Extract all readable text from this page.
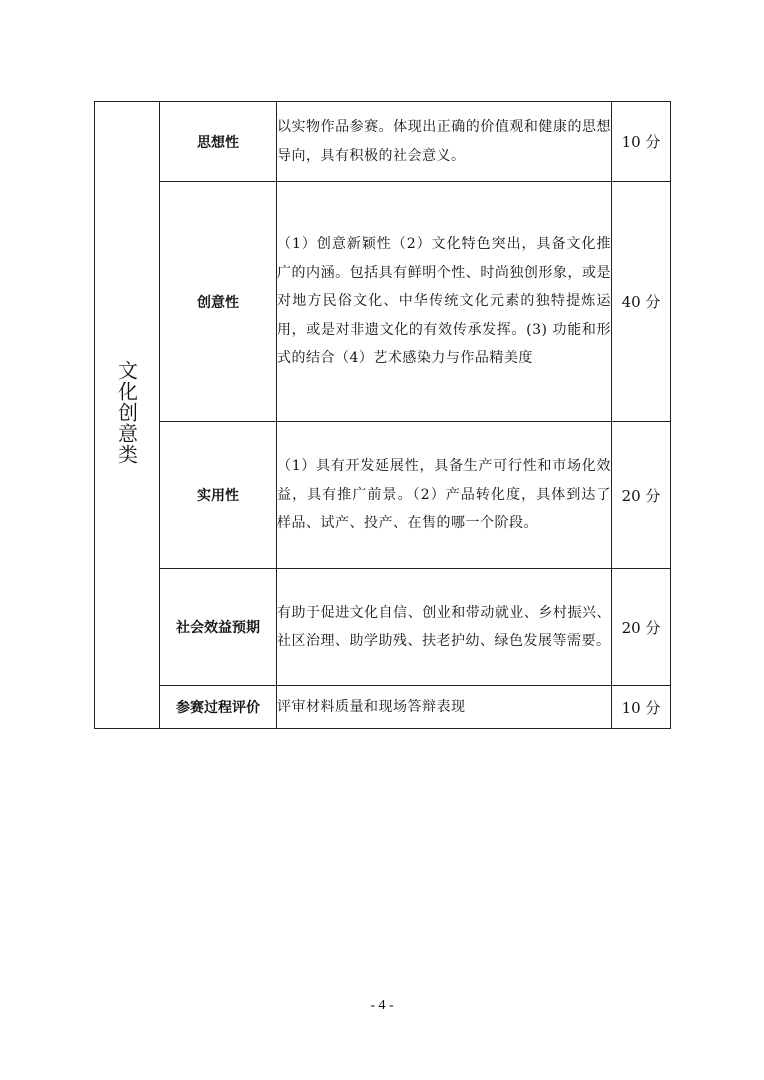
文化创意类	思想性	以实物作品参赛。体现出正确的价值观和健康的思想导向，具有积极的社会意义。	10 分
	创意性	（1）创意新颖性（2）文化特色突出，具备文化推广的内涵。包括具有鲜明个性、时尚独创形象，或是对地方民俗文化、中华传统文化元素的独特提炼运用，或是对非遗文化的有效传承发挥。(3) 功能和形式的结合（4）艺术感染力与作品精美度	40 分
	实用性	（1）具有开发延展性，具备生产可行性和市场化效益，具有推广前景。（2）产品转化度，具体到达了样品、试产、投产、在售的哪一个阶段。	20 分
	社会效益预期	有助于促进文化自信、创业和带动就业、乡村振兴、社区治理、助学助残、扶老护幼、绿色发展等需要。	20 分
	参赛过程评价	评审材料质量和现场答辩表现	10 分
- 4 -
